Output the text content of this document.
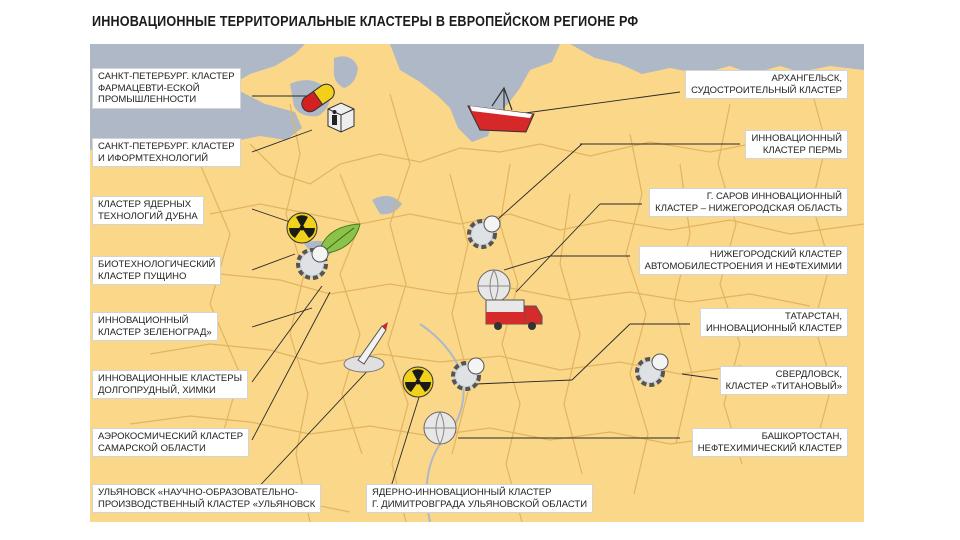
ИННОВАЦИОННЫЕ ТЕРРИТОРИАЛЬНЫЕ КЛАСТЕРЫ В ЕВРОПЕЙСКОМ РЕГИОНЕ РФ
САНКТ-ПЕТЕРБУРГ. КЛАСТЕР
ФАРМАЦЕВТИ-ЕСКОЙ
ПРОМЫШЛЕННОСТИ
САНКТ-ПЕТЕРБУРГ. КЛАСТЕР
И ИФОРМТЕХНОЛОГИЙ
КЛАСТЕР ЯДЕРНЫХ
ТЕХНОЛОГИЙ ДУБНА
БИОТЕХНОЛОГИЧЕСКИЙ
КЛАСТЕР ПУЩИНО
ИННОВАЦИОННЫЙ
КЛАСТЕР ЗЕЛЕНОГРАД»
ИННОВАЦИОННЫЕ КЛАСТЕРЫ
ДОЛГОПРУДНЫЙ, ХИМКИ
АЭРОКОСМИЧЕСКИЙ КЛАСТЕР
САМАРСКОЙ ОБЛАСТИ
УЛЬЯНОВСК «НАУЧНО-ОБРАЗОВАТЕЛЬНО-
ПРОИЗВОДСТВЕННЫЙ КЛАСТЕР «УЛЬЯНОВСК
ЯДЕРНО-ИННОВАЦИОННЫЙ КЛАСТЕР
Г. ДИМИТРОВГРАДА УЛЬЯНОВСКОЙ ОБЛАСТИ
АРХАНГЕЛЬСК,
СУДОСТРОИТЕЛЬНЫЙ КЛАСТЕР
ИННОВАЦИОННЫЙ
КЛАСТЕР ПЕРМЬ
Г. САРОВ ИННОВАЦИОННЫЙ
КЛАСТЕР – НИЖЕГОРОДСКАЯ ОБЛАСТЬ
НИЖЕГОРОДСКИЙ КЛАСТЕР
АВТОМОБИЛЕСТРОЕНИЯ И НЕФТЕХИМИИ
ТАТАРСТАН,
ИННОВАЦИОННЫЙ КЛАСТЕР
СВЕРДЛОВСК,
КЛАСТЕР «ТИТАНОВЫЙ»
БАШКОРТОСТАН,
НЕФТЕХИМИЧЕСКИЙ КЛАСТЕР
